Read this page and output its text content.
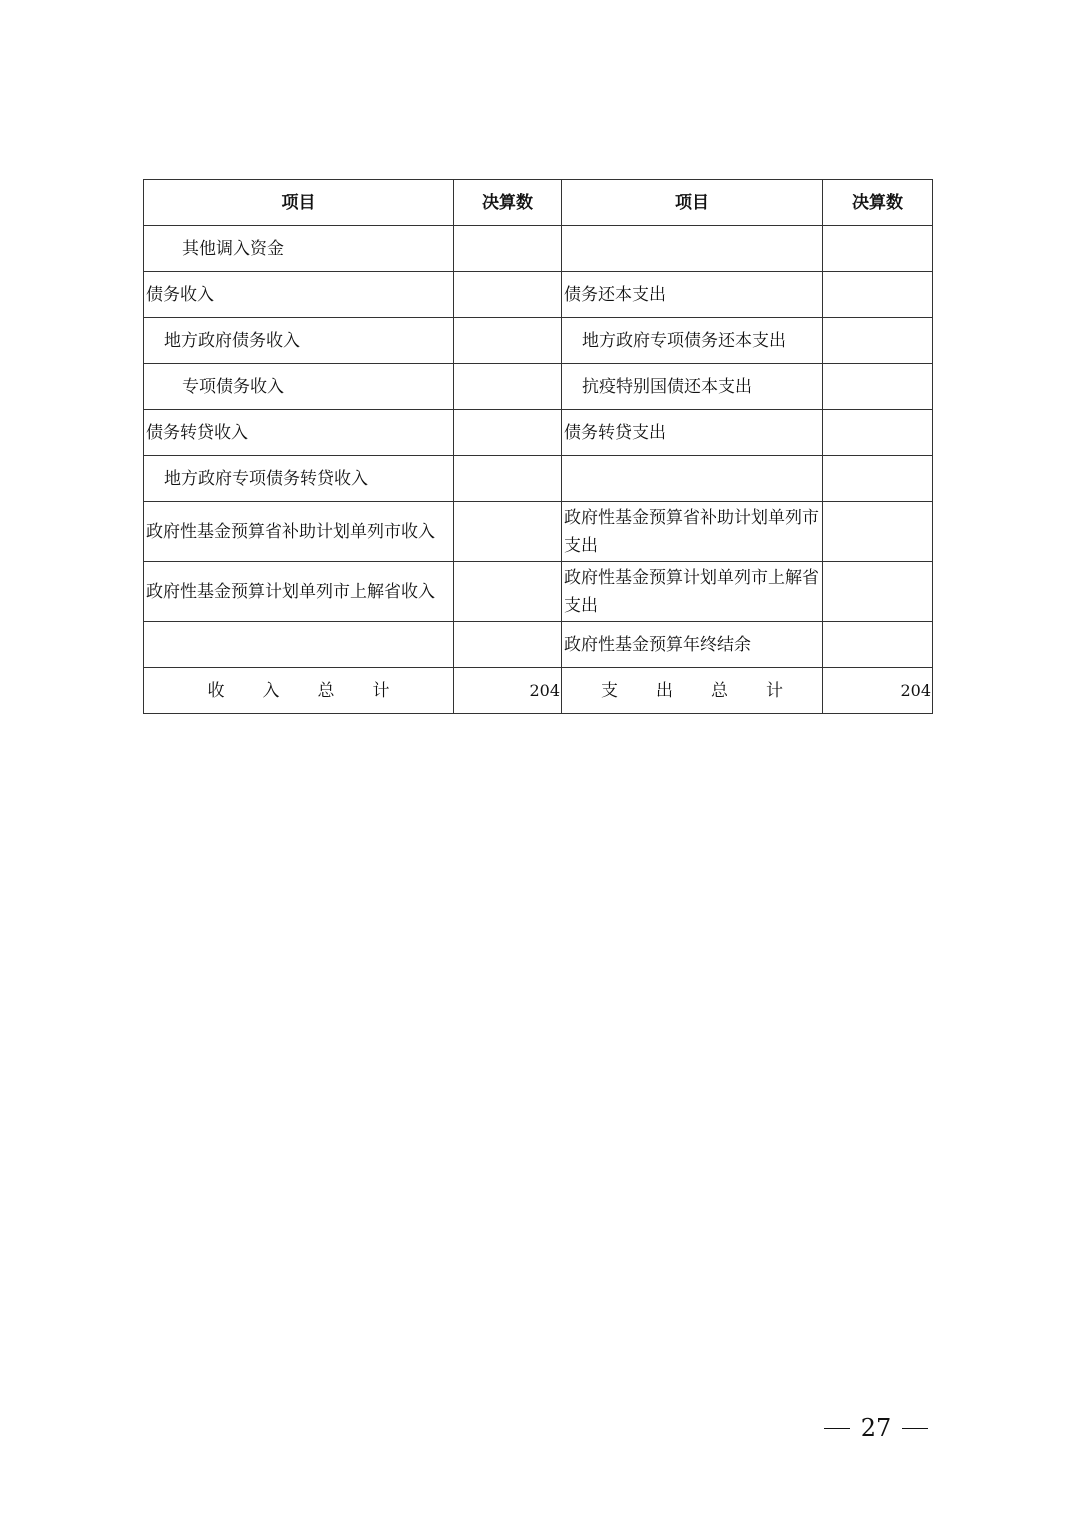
项目	决算数	项目	决算数
其他调入资金			
债务收入		债务还本支出	
地方政府债务收入		地方政府专项债务还本支出	
专项债务收入		抗疫特别国债还本支出	
债务转贷收入		债务转贷支出	
地方政府专项债务转贷收入			
政府性基金预算省补助计划单列市收入		政府性基金预算省补助计划单列市支出	
政府性基金预算计划单列市上解省收入		政府性基金预算计划单列市上解省支出	
		政府性基金预算年终结余	

收 入 总 计	204	支 出 总 计	204
27
